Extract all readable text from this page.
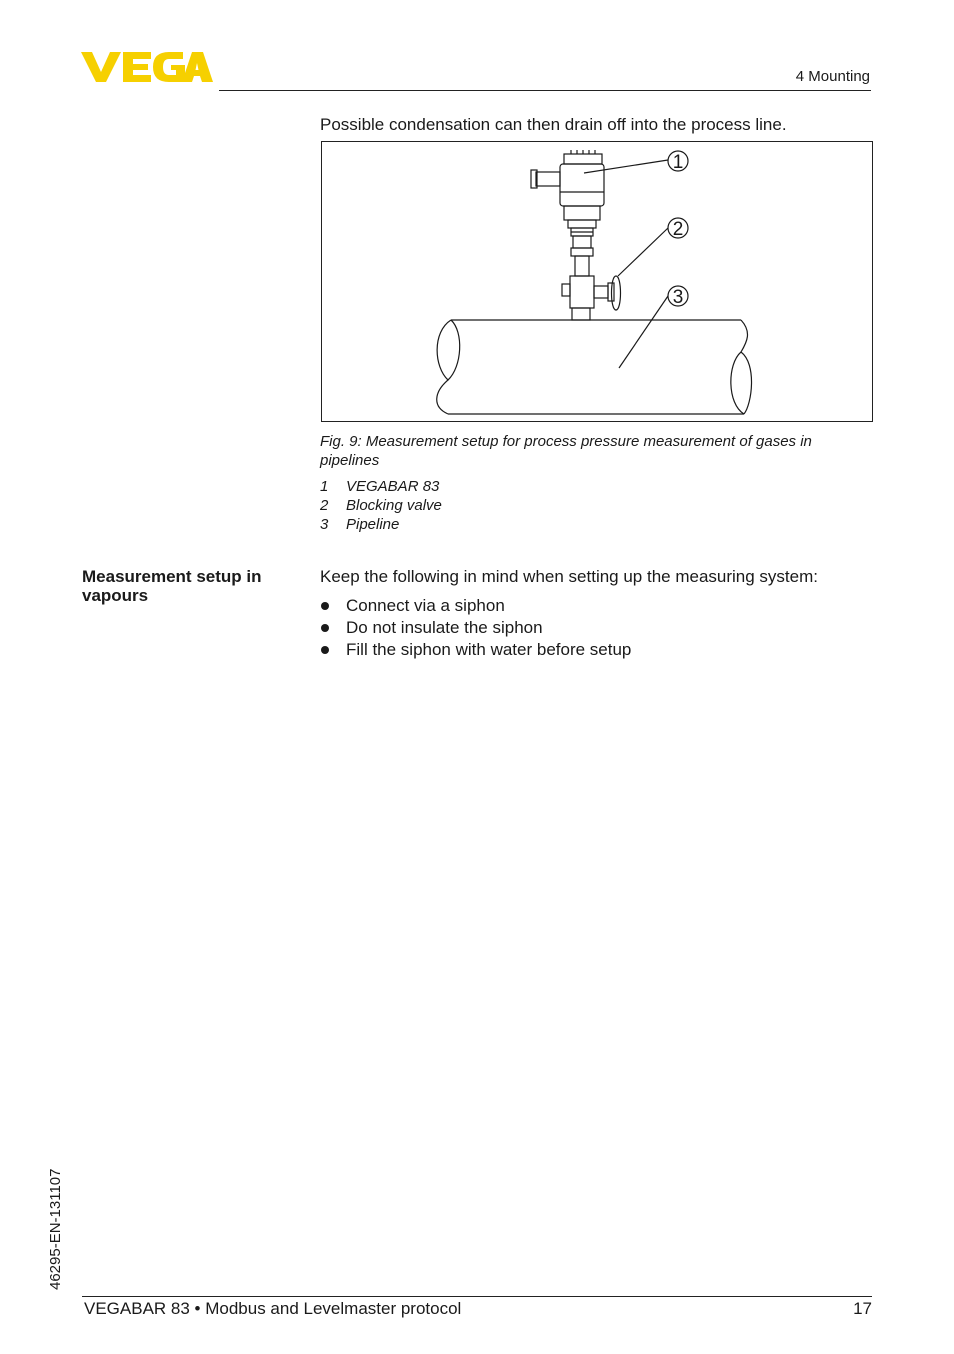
4 Mounting
Possible condensation can then drain off into the process line.
1
2
3
Fig. 9: Measurement setup for process pressure measurement of gases in pipelines
1	VEGABAR 83
2	Blocking valve
3	Pipeline
Measurement setup in vapours
Keep the following in mind when setting up the measuring system:
Connect via a siphon
Do not insulate the siphon
Fill the siphon with water before setup
46295-EN-131107
VEGABAR 83 • Modbus and Levelmaster protocol	17
